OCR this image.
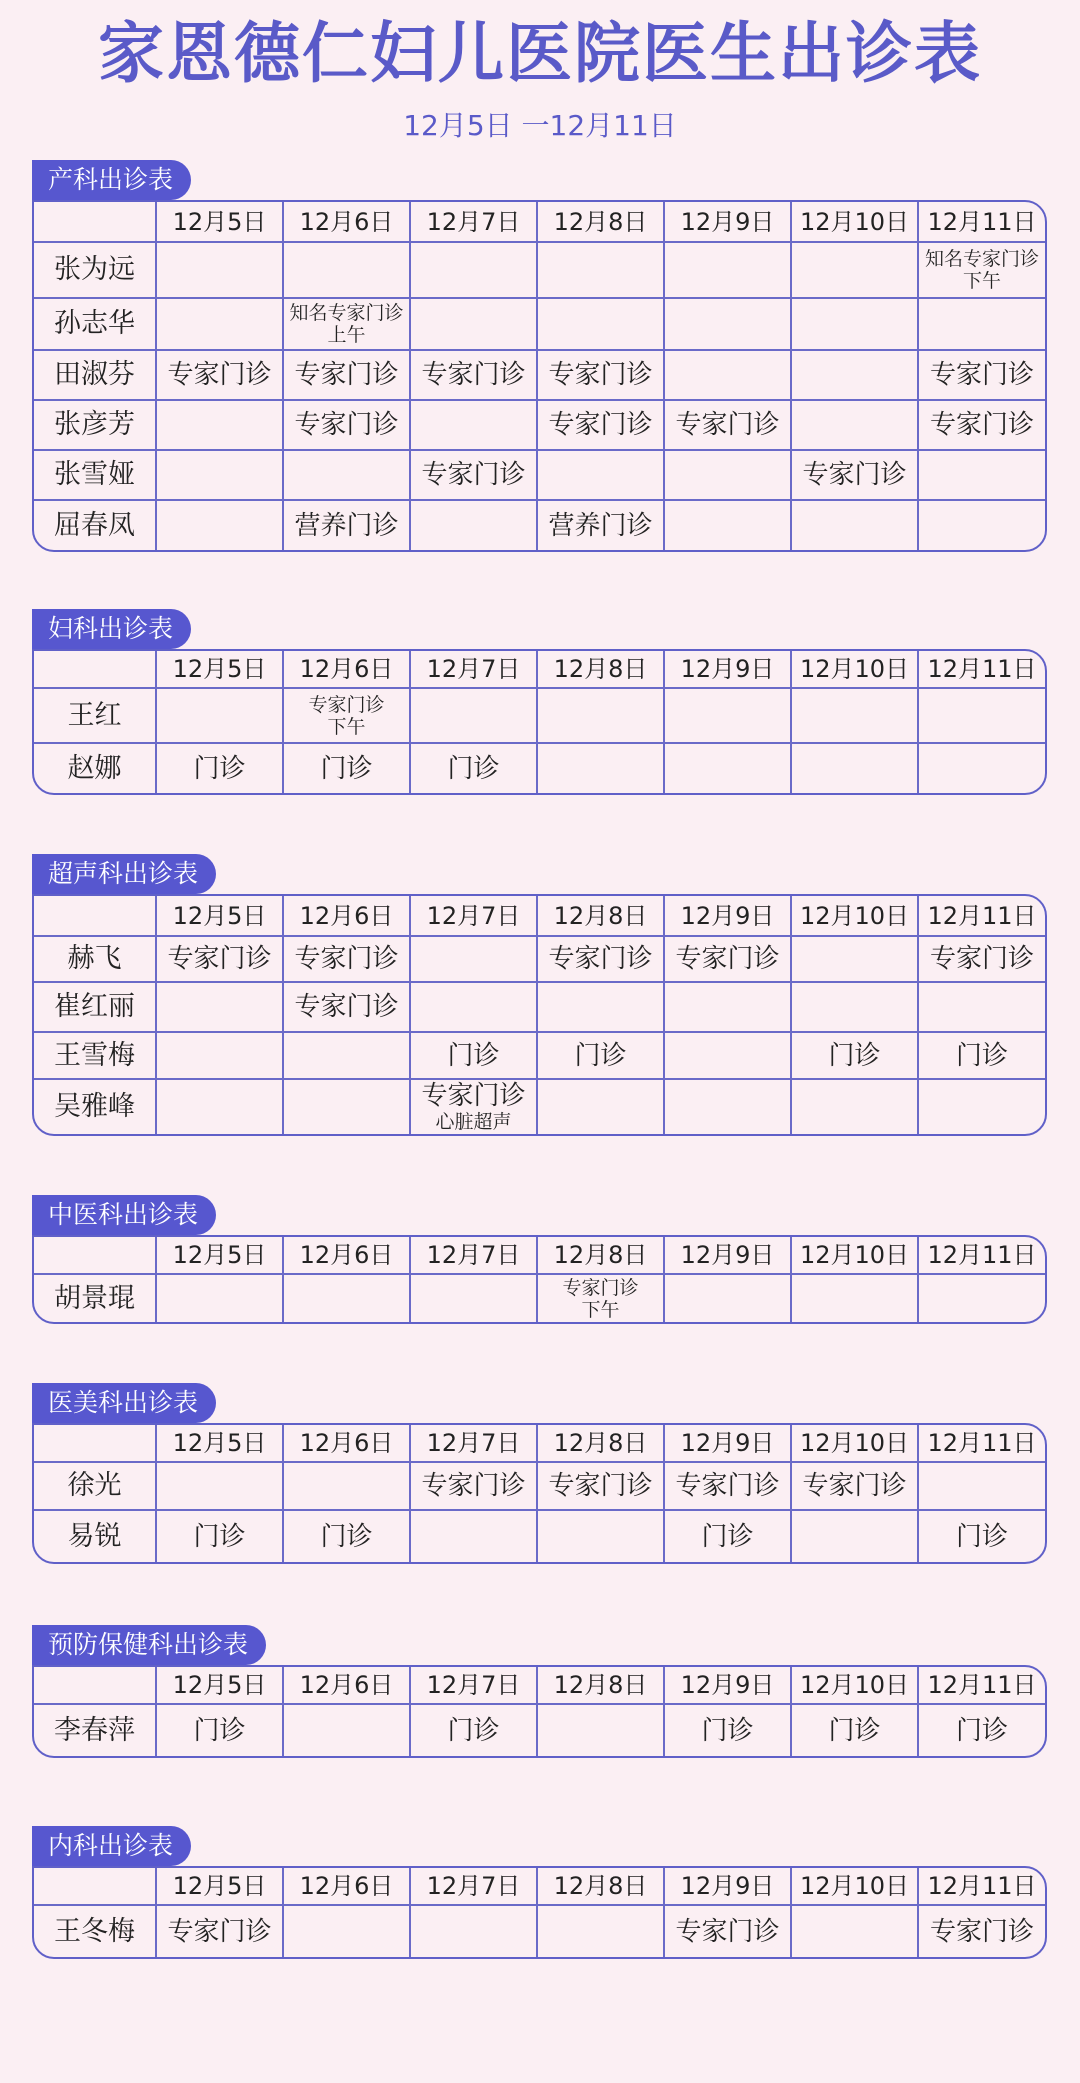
家恩德仁妇儿医院医生出诊表
12月5日 一12月11日
产科出诊表
	12月5日	12月6日	12月7日	12月8日	12月9日	12月10日	12月11日
张为远							知名专家门诊
下午

孙志华		知名专家门诊
上午					

田淑芬	专家门诊	专家门诊	专家门诊	专家门诊			专家门诊

张彦芳		专家门诊		专家门诊	专家门诊		专家门诊

张雪娅			专家门诊			专家门诊	

屈春凤		营养门诊		营养门诊			

妇科出诊表
	12月5日	12月6日	12月7日	12月8日	12月9日	12月10日	12月11日
王红		专家门诊
下午					

赵娜	门诊	门诊	门诊				

超声科出诊表
	12月5日	12月6日	12月7日	12月8日	12月9日	12月10日	12月11日
赫飞	专家门诊	专家门诊		专家门诊	专家门诊		专家门诊

崔红丽		专家门诊					

王雪梅			门诊	门诊		门诊	门诊

吴雅峰			专家门诊
心脏超声				

中医科出诊表
	12月5日	12月6日	12月7日	12月8日	12月9日	12月10日	12月11日
胡景琨				专家门诊
下午			

医美科出诊表
	12月5日	12月6日	12月7日	12月8日	12月9日	12月10日	12月11日
徐光			专家门诊	专家门诊	专家门诊	专家门诊	

易锐	门诊	门诊			门诊		门诊
预防保健科出诊表
	12月5日	12月6日	12月7日	12月8日	12月9日	12月10日	12月11日
李春萍	门诊		门诊		门诊	门诊	门诊
内科出诊表
	12月5日	12月6日	12月7日	12月8日	12月9日	12月10日	12月11日
王冬梅	专家门诊				专家门诊		专家门诊
